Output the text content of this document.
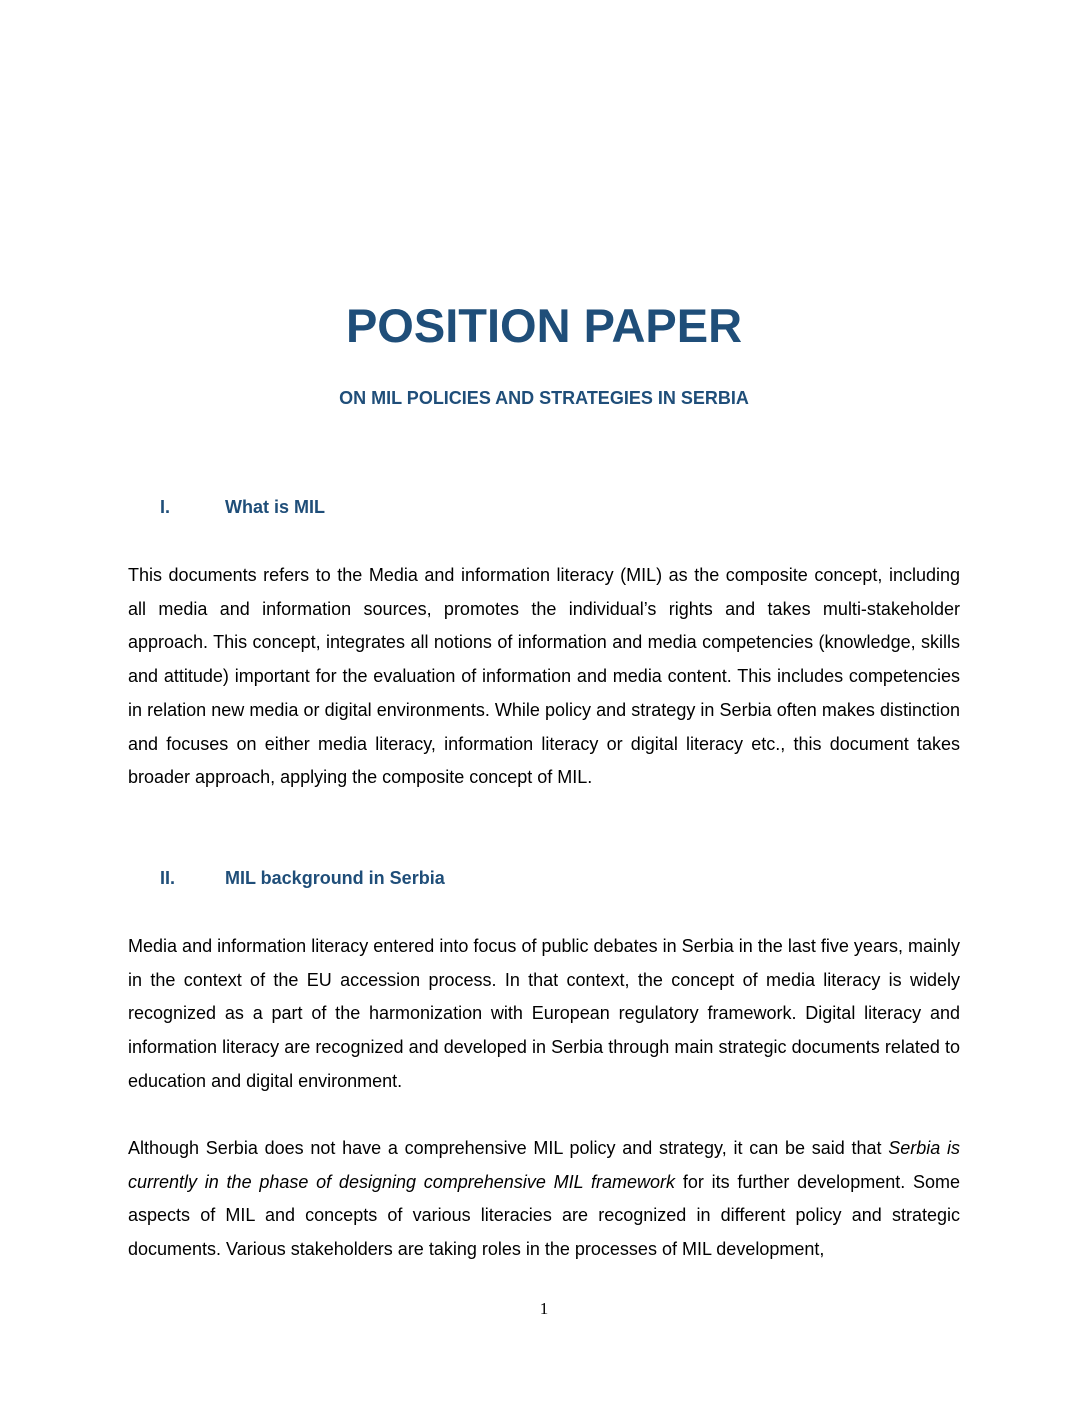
POSITION PAPER
ON MIL POLICIES AND STRATEGIES IN SERBIA
I.	What is MIL
This documents refers to the Media and information literacy (MIL) as the composite concept, including all media and information sources, promotes the individual’s rights and takes multi-stakeholder approach. This concept, integrates all notions of information and media competencies (knowledge, skills and attitude) important for the evaluation of information and media content. This includes competencies in relation new media or digital environments. While policy and strategy in Serbia often makes distinction and focuses on either media literacy, information literacy or digital literacy etc., this document takes broader approach, applying the composite concept of MIL.
II.	MIL background in Serbia
Media and information literacy entered into focus of public debates in Serbia in the last five years, mainly in the context of the EU accession process. In that context, the concept of media literacy is widely recognized as a part of the harmonization with European regulatory framework. Digital literacy and information literacy are recognized and developed in Serbia through main strategic documents related to education and digital environment.
Although Serbia does not have a comprehensive MIL policy and strategy, it can be said that Serbia is currently in the phase of designing comprehensive MIL framework for its further development. Some aspects of MIL and concepts of various literacies are recognized in different policy and strategic documents. Various stakeholders are taking roles in the processes of MIL development,
1
